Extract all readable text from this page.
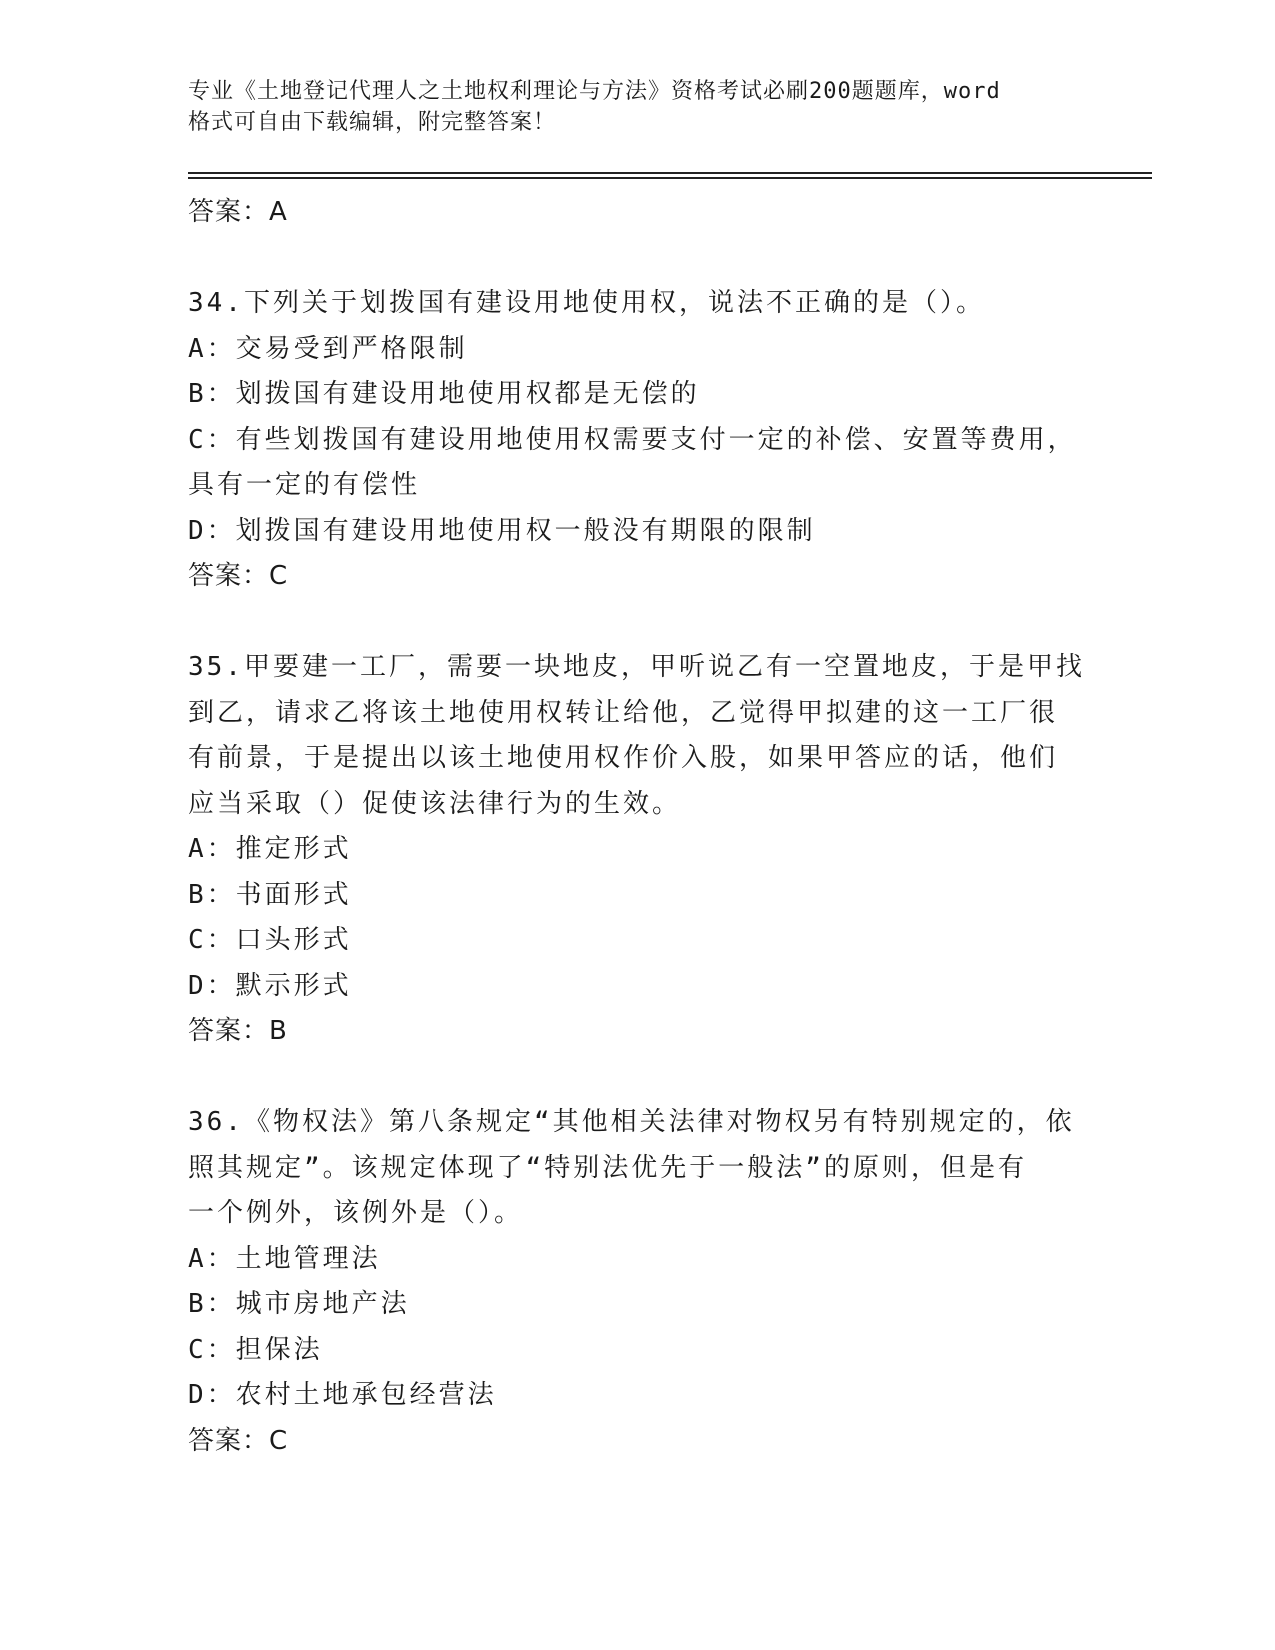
专业《土地登记代理人之土地权利理论与方法》资格考试必刷200题题库，word
格式可自由下载编辑，附完整答案！
答案：A
34.下列关于划拨国有建设用地使用权，说法不正确的是（）。
A：交易受到严格限制
B：划拨国有建设用地使用权都是无偿的
C：有些划拨国有建设用地使用权需要支付一定的补偿、安置等费用，
具有一定的有偿性
D：划拨国有建设用地使用权一般没有期限的限制
答案：C
35.甲要建一工厂，需要一块地皮，甲听说乙有一空置地皮，于是甲找
到乙，请求乙将该土地使用权转让给他，乙觉得甲拟建的这一工厂很
有前景，于是提出以该土地使用权作价入股，如果甲答应的话，他们
应当采取（）促使该法律行为的生效。
A：推定形式
B：书面形式
C：口头形式
D：默示形式
答案：B
36.《物权法》第八条规定“其他相关法律对物权另有特别规定的，依
照其规定”。该规定体现了“特别法优先于一般法”的原则，但是有
一个例外，该例外是（）。
A：土地管理法
B：城市房地产法
C：担保法
D：农村土地承包经营法
答案：C
